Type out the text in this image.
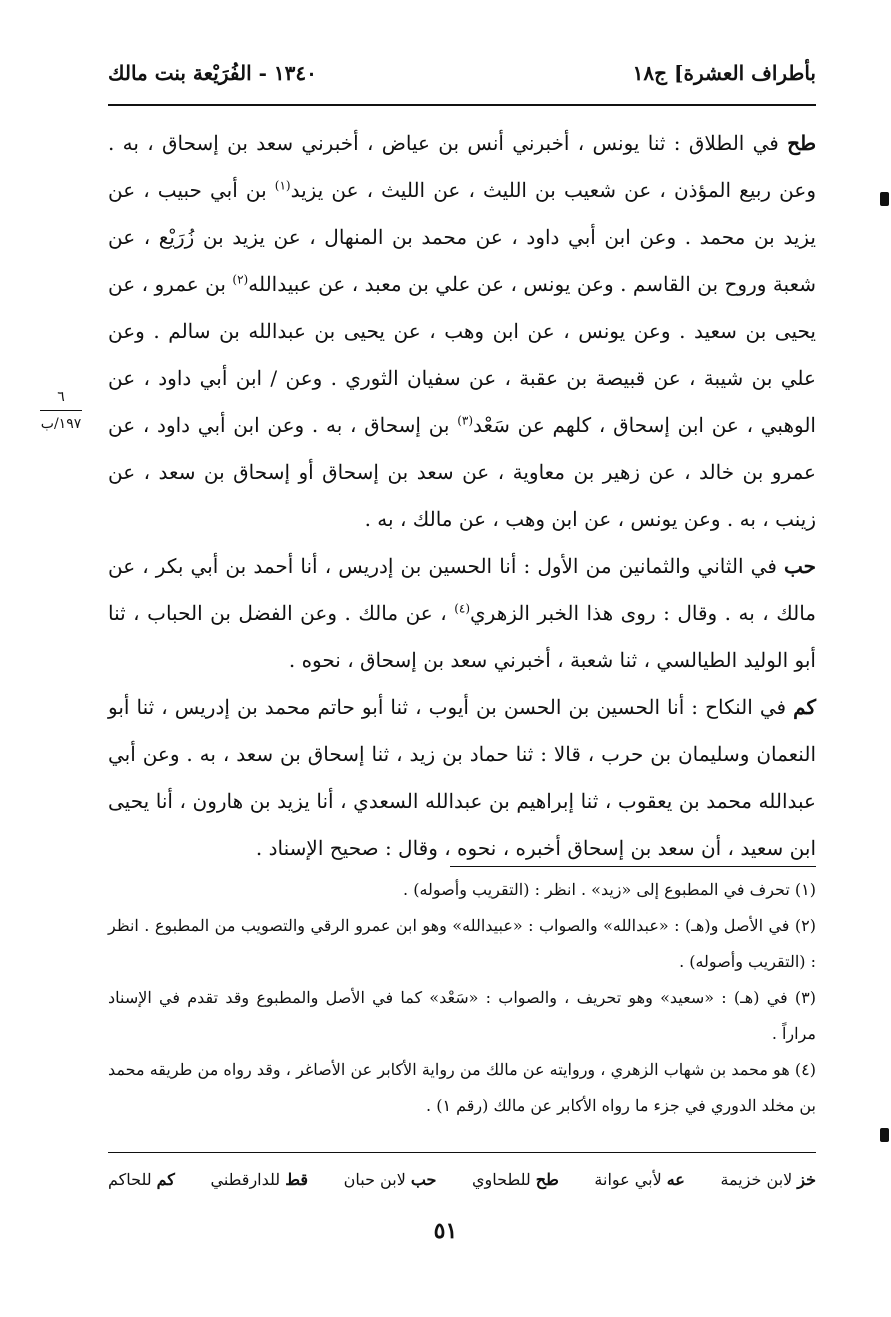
بأطراف العشرة] ج١٨
١٣٤٠ - الفُرَيْعة بنت مالك
٦
١٩٧/ب

طح في الطلاق : ثنا يونس ، أخبرني أنس بن عياض ، أخبرني سعد بن إسحاق ، به . وعن ربيع المؤذن ، عن شعيب بن الليث ، عن الليث ، عن يزيد$^{(١)}$ بن أبي حبيب ، عن يزيد بن محمد . وعن ابن أبي داود ، عن محمد بن المنهال ، عن يزيد بن زُرَيْع ، عن شعبة وروح بن القاسم . وعن يونس ، عن علي بن معبد ، عن عبيدالله$^{(٢)}$ بن عمرو ، عن يحيى بن سعيد . وعن يونس ، عن ابن وهب ، عن يحيى بن عبدالله بن سالم . وعن علي بن شيبة ، عن قبيصة بن عقبة ، عن سفيان الثوري . وعن / ابن أبي داود ، عن الوهبي ، عن ابن إسحاق ، كلهم عن سَعْد$^{(٣)}$ بن إسحاق ، به . وعن ابن أبي داود ، عن عمرو بن خالد ، عن زهير بن معاوية ، عن سعد بن إسحاق أو إسحاق بن سعد ، عن زينب ، به . وعن يونس ، عن ابن وهب ، عن مالك ، به .

حب في الثاني والثمانين من الأول : أنا الحسين بن إدريس ، أنا أحمد بن أبي بكر ، عن مالك ، به . وقال : روى هذا الخبر الزهري$^{(٤)}$ ، عن مالك . وعن الفضل بن الحباب ، ثنا أبو الوليد الطيالسي ، ثنا شعبة ، أخبرني سعد بن إسحاق ، نحوه .

كم في النكاح : أنا الحسين بن الحسن بن أيوب ، ثنا أبو حاتم محمد بن إدريس ، ثنا أبو النعمان وسليمان بن حرب ، قالا : ثنا حماد بن زيد ، ثنا إسحاق بن سعد ، به . وعن أبي عبدالله محمد بن يعقوب ، ثنا إبراهيم بن عبدالله السعدي ، أنا يزيد بن هارون ، أنا يحيى ابن سعيد ، أن سعد بن إسحاق أخبره ، نحوه ، وقال : صحيح الإسناد .

(١) تحرف في المطبوع إلى «زيد» . انظر : (التقريب وأصوله) .

(٢) في الأصل و(هـ) : «عبدالله» والصواب : «عبيدالله» وهو ابن عمرو الرقي والتصويب من المطبوع . انظر : (التقريب وأصوله) .

(٣) في (هـ) : «سعيد» وهو تحريف ، والصواب : «سَعْد» كما في الأصل والمطبوع وقد تقدم في الإسناد مراراً .

(٤) هو محمد بن شهاب الزهري ، وروايته عن مالك من رواية الأكابر عن الأصاغر ، وقد رواه من طريقه محمد بن مخلد الدوري في جزء ما رواه الأكابر عن مالك (رقم ١) .

خز
لابن خزيمة
عه
لأبي عوانة
طح
للطحاوي
حب
لابن حبان
قط
للدارقطني
كم
للحاكم
٥١
